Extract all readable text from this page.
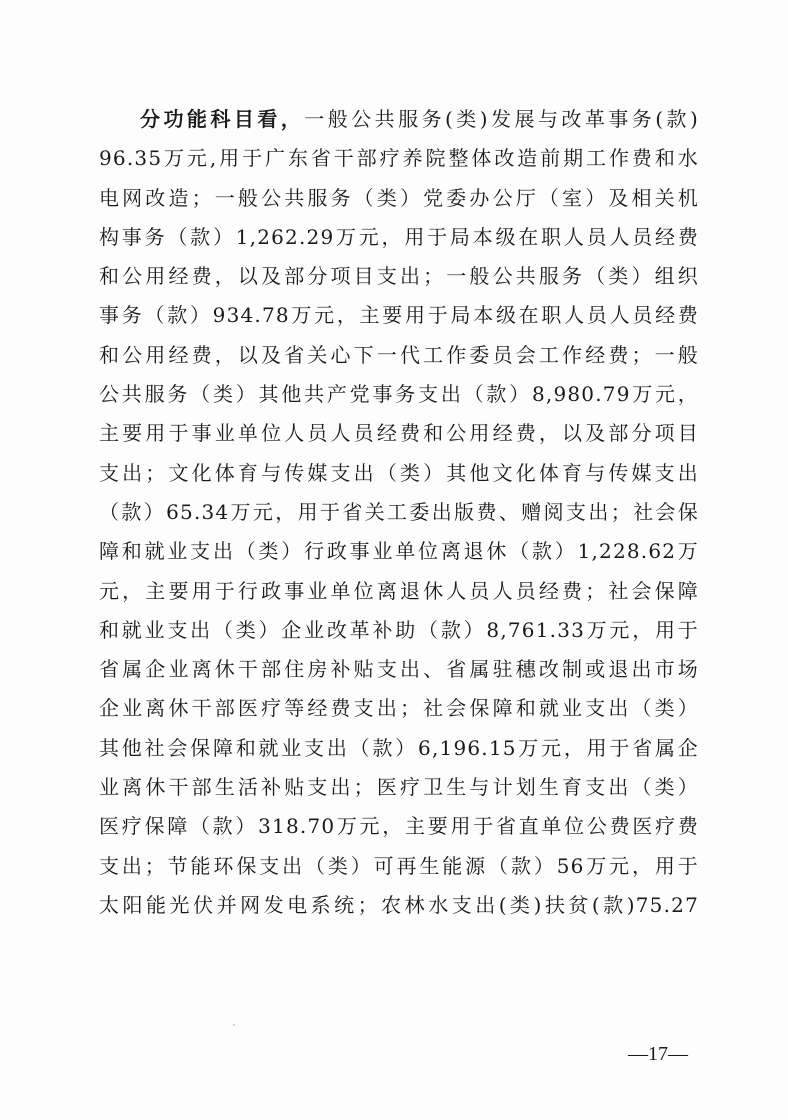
分功能科目看，一般公共服务(类)发展与改革事务(款)
96.35万元,用于广东省干部疗养院整体改造前期工作费和水
电网改造；一般公共服务（类）党委办公厅（室）及相关机
构事务（款）1,262.29万元，用于局本级在职人员人员经费
和公用经费，以及部分项目支出；一般公共服务（类）组织
事务（款）934.78万元，主要用于局本级在职人员人员经费
和公用经费，以及省关心下一代工作委员会工作经费；一般
公共服务（类）其他共产党事务支出（款）8,980.79万元，
主要用于事业单位人员人员经费和公用经费，以及部分项目
支出；文化体育与传媒支出（类）其他文化体育与传媒支出
（款）65.34万元，用于省关工委出版费、赠阅支出；社会保
障和就业支出（类）行政事业单位离退休（款）1,228.62万
元，主要用于行政事业单位离退休人员人员经费；社会保障
和就业支出（类）企业改革补助（款）8,761.33万元，用于
省属企业离休干部住房补贴支出、省属驻穗改制或退出市场
企业离休干部医疗等经费支出；社会保障和就业支出（类）
其他社会保障和就业支出（款）6,196.15万元，用于省属企
业离休干部生活补贴支出；医疗卫生与计划生育支出（类）
医疗保障（款）318.70万元，主要用于省直单位公费医疗费
支出；节能环保支出（类）可再生能源（款）56万元，用于
太阳能光伏并网发电系统；农林水支出(类)扶贫(款)75.27
—17—
